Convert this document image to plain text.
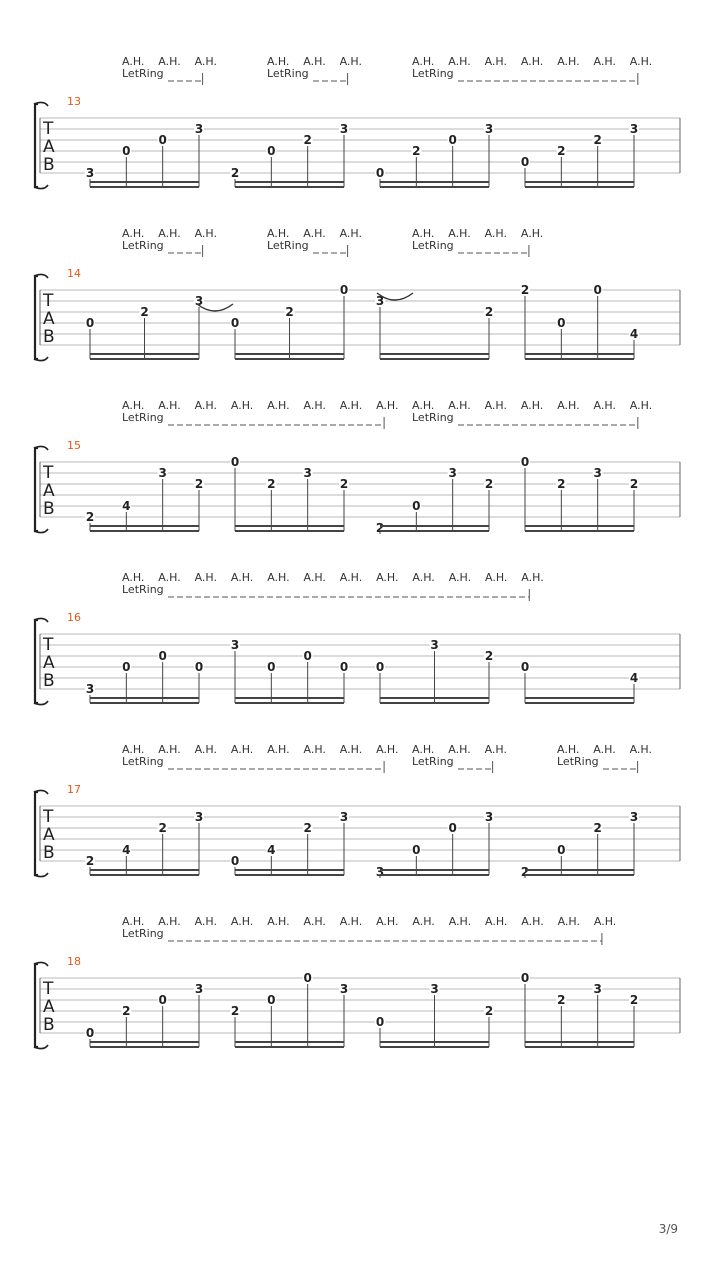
T
A
B
13
3
0
0
3
A.H. A.H. A.H.
LetRing
2
0
2
3
A.H. A.H. A.H.
LetRing
0
2
0
3
A.H. A.H. A.H. A.H. A.H. A.H. A.H.
LetRing
0
2
2
3
T
A
B
14
0
2
3
A.H. A.H. A.H.
LetRing
0
2
0
A.H. A.H. A.H.
LetRing
3
2
A.H. A.H. A.H. A.H.
LetRing
2
0
0
4
T
A
B
15
2
4
3
2
A.H. A.H. A.H. A.H. A.H. A.H. A.H. A.H.
LetRing
0
2
3
2
2
0
3
2
A.H. A.H. A.H. A.H. A.H. A.H. A.H.
LetRing
0
2
3
2
T
A
B
16
3
0
0
0
A.H. A.H. A.H. A.H. A.H. A.H. A.H. A.H. A.H. A.H. A.H. A.H.
LetRing
3
0
0
0 0
3
2
0
4
T
A
B
17
2
4
2
3
A.H. A.H. A.H. A.H. A.H. A.H. A.H. A.H.
LetRing
0
4
2
3
3
0
0
3
A.H. A.H. A.H.
LetRing
2
0
2
3
A.H. A.H. A.H.
LetRing
T
A
B
18
0
2
0
3
A.H. A.H. A.H. A.H. A.H. A.H. A.H. A.H. A.H. A.H. A.H. A.H. A.H. A.H.
LetRing
2
0
0
3
0
3
2
0
2
3
2
3/9
